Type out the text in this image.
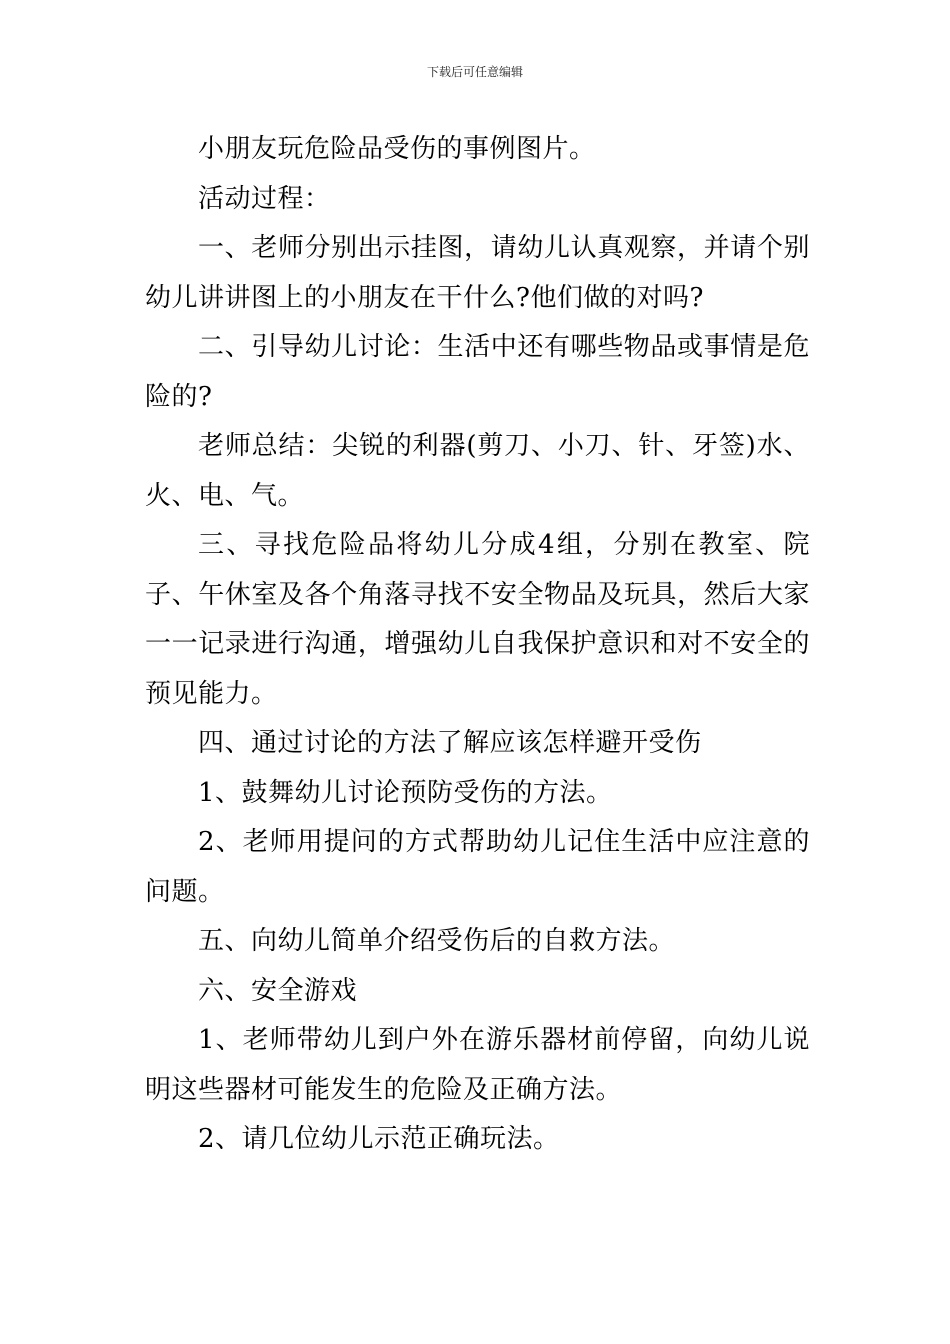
下载后可任意编辑

小朋友玩危险品受伤的事例图片。

活动过程：

一、老师分别出示挂图，请幼儿认真观察，并请个别幼儿讲讲图上的小朋友在干什么?他们做的对吗?

二、引导幼儿讨论：生活中还有哪些物品或事情是危险的?

老师总结：尖锐的利器(剪刀、小刀、针、牙签)水、火、电、气。

三、寻找危险品将幼儿分成4组，分别在教室、院子、午休室及各个角落寻找不安全物品及玩具，然后大家一一记录进行沟通，增强幼儿自我保护意识和对不安全的预见能力。

四、通过讨论的方法了解应该怎样避开受伤

1、鼓舞幼儿讨论预防受伤的方法。

2、老师用提问的方式帮助幼儿记住生活中应注意的问题。

五、向幼儿简单介绍受伤后的自救方法。

六、安全游戏

1、老师带幼儿到户外在游乐器材前停留，向幼儿说明这些器材可能发生的危险及正确方法。

2、请几位幼儿示范正确玩法。
